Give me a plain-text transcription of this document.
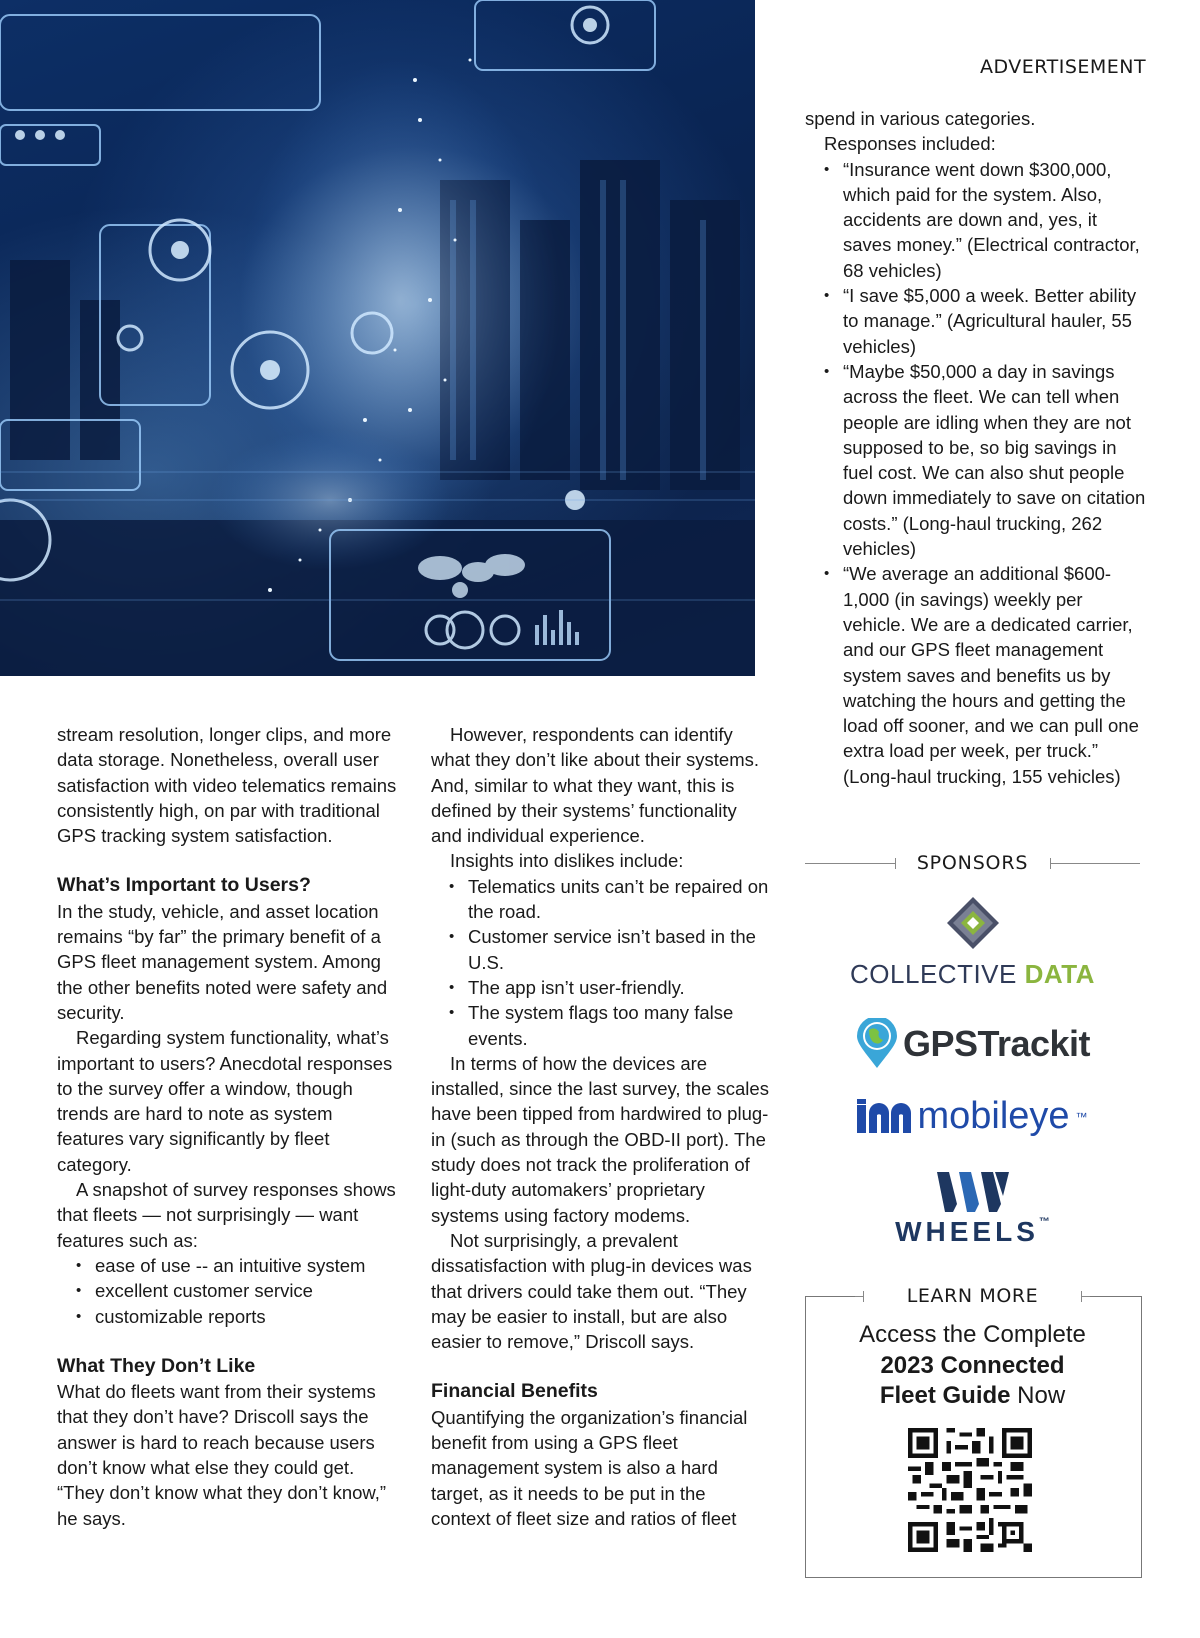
ADVERTISEMENT

stream resolution, longer clips, and more data storage. Nonetheless, overall user satisfaction with video telematics remains consistently high, on par with traditional GPS tracking system satisfaction.

What’s Important to Users?

In the study, vehicle, and asset location remains “by far” the primary benefit of a GPS fleet management system. Among the other benefits noted were safety and security.

Regarding system functionality, what’s important to users? Anecdotal responses to the survey offer a window, though trends are hard to note as system features vary significantly by fleet category.

A snapshot of survey responses shows that fleets — not surprisingly — want features such as:

• ease of use -- an intuitive system
• excellent customer service
• customizable reports

What They Don’t Like

What do fleets want from their systems that they don’t have? Driscoll says the answer is hard to reach because users don’t know what else they could get. “They don’t know what they don’t know,” he says.

However, respondents can identify what they don’t like about their systems. And, similar to what they want, this is defined by their systems’ functionality and individual experience.

Insights into dislikes include:

• Telematics units can’t be repaired on the road.
• Customer service isn’t based in the U.S.
• The app isn’t user-friendly.
• The system flags too many false events.

In terms of how the devices are installed, since the last survey, the scales have been tipped from hardwired to plug-in (such as through the OBD-II port). The study does not track the proliferation of light-duty automakers’ proprietary systems using factory modems.

Not surprisingly, a prevalent dissatisfaction with plug-in devices was that drivers could take them out. “They may be easier to install, but are also easier to remove,” Driscoll says.

Financial Benefits

Quantifying the organization’s financial benefit from using a GPS fleet management system is also a hard target, as it needs to be put in the context of fleet size and ratios of fleet

spend in various categories.

Responses included:

• “Insurance went down $300,000, which paid for the system. Also, accidents are down and, yes, it saves money.” (Electrical contractor, 68 vehicles)
• “I save $5,000 a week. Better ability to manage.” (Agricultural hauler, 55 vehicles)
• “Maybe $50,000 a day in savings across the fleet. We can tell when people are idling when they are not supposed to be, so big savings in fuel cost. We can also shut people down immediately to save on citation costs.” (Long-haul trucking, 262 vehicles)
• “We average an additional $600-1,000 (in savings) weekly per vehicle. We are a dedicated carrier, and our GPS fleet management system saves and benefits us by watching the hours and getting the load off sooner, and we can pull one extra load per week, per truck.” (Long-haul trucking, 155 vehicles)
SPONSORS
COLLECTIVE DATA
GPSTrackit
mobileye ™
WHEELS™
LEARN MORE
Access the Complete
2023 Connected
Fleet Guide Now
